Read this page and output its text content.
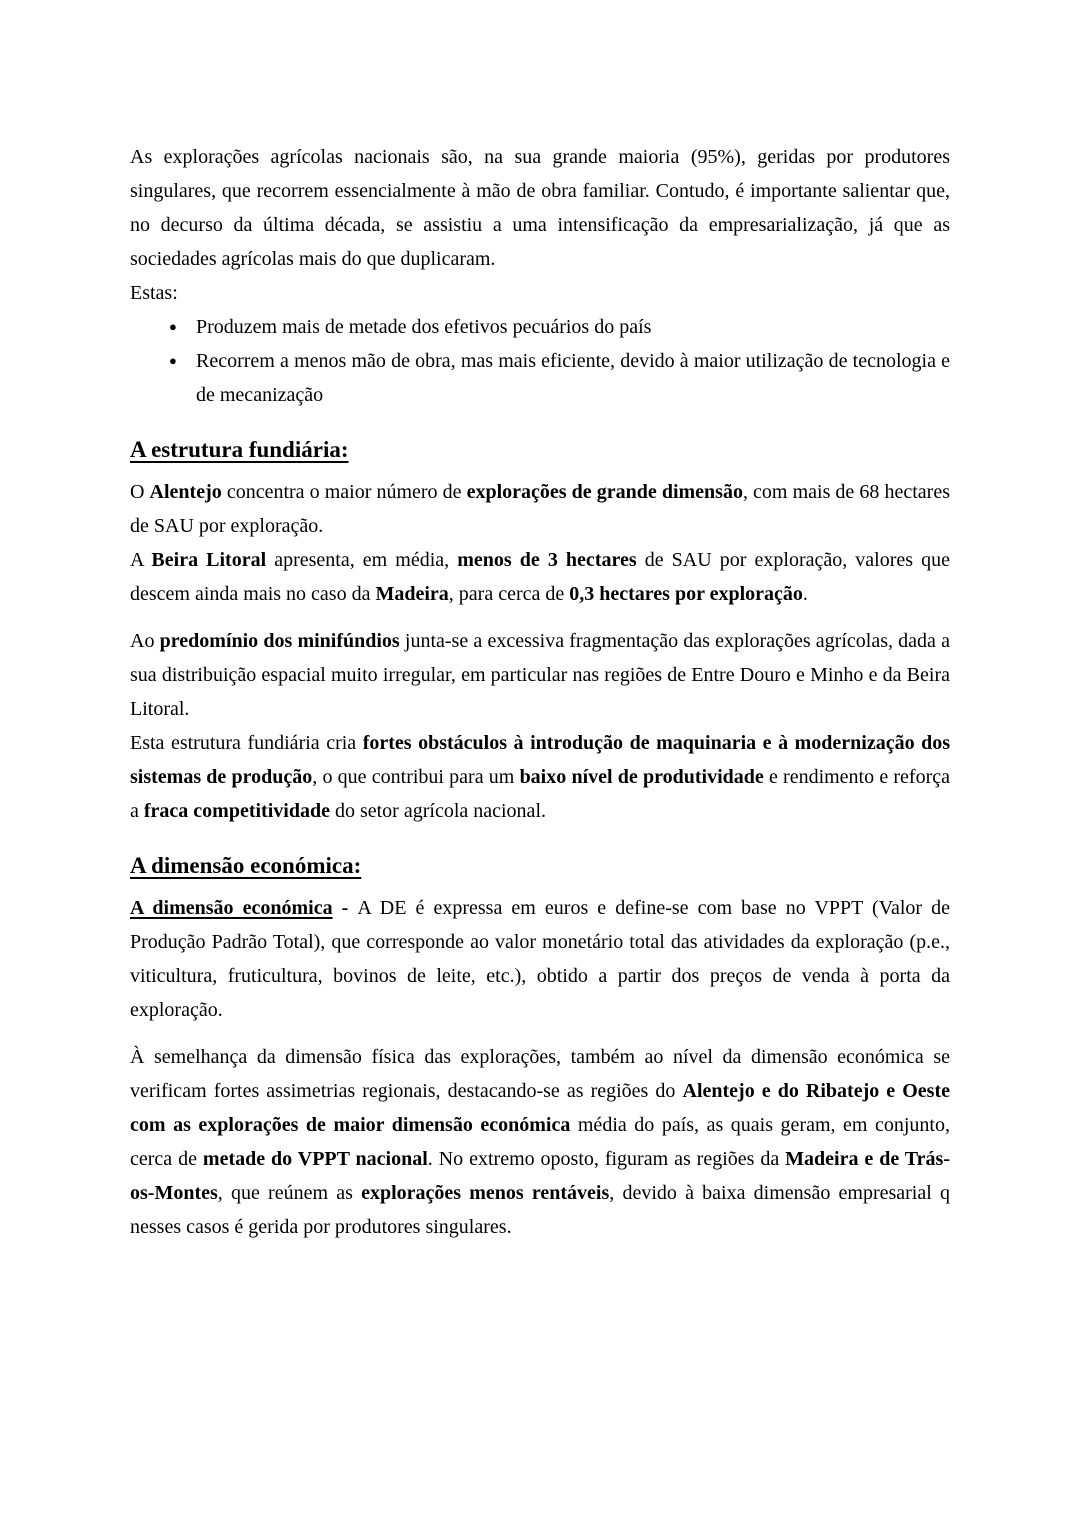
As explorações agrícolas nacionais são, na sua grande maioria (95%), geridas por produtores singulares, que recorrem essencialmente à mão de obra familiar. Contudo, é importante salientar que, no decurso da última década, se assistiu a uma intensificação da empresarialização, já que as sociedades agrícolas mais do que duplicaram.

Estas:

● Produzem mais de metade dos efetivos pecuários do país
● Recorrem a menos mão de obra, mas mais eficiente, devido à maior utilização de tecnologia e de mecanização
A estrutura fundiária:

O Alentejo concentra o maior número de explorações de grande dimensão, com mais de 68 hectares de SAU por exploração.

A Beira Litoral apresenta, em média, menos de 3 hectares de SAU por exploração, valores que descem ainda mais no caso da Madeira, para cerca de 0,3 hectares por exploração.

Ao predomínio dos minifúndios junta-se a excessiva fragmentação das explorações agrícolas, dada a sua distribuição espacial muito irregular, em particular nas regiões de Entre Douro e Minho e da Beira Litoral.

Esta estrutura fundiária cria fortes obstáculos à introdução de maquinaria e à modernização dos sistemas de produção, o que contribui para um baixo nível de produtividade e rendimento e reforça a fraca competitividade do setor agrícola nacional.

A dimensão económica:

A dimensão económica - A DE é expressa em euros e define-se com base no VPPT (Valor de Produção Padrão Total), que corresponde ao valor monetário total das atividades da exploração (p.e., viticultura, fruticultura, bovinos de leite, etc.), obtido a partir dos preços de venda à porta da exploração.

À semelhança da dimensão física das explorações, também ao nível da dimensão económica se verificam fortes assimetrias regionais, destacando-se as regiões do Alentejo e do Ribatejo e Oeste com as explorações de maior dimensão económica média do país, as quais geram, em conjunto, cerca de metade do VPPT nacional. No extremo oposto, figuram as regiões da Madeira e de Trás-os-Montes, que reúnem as explorações menos rentáveis, devido à baixa dimensão empresarial q nesses casos é gerida por produtores singulares.
